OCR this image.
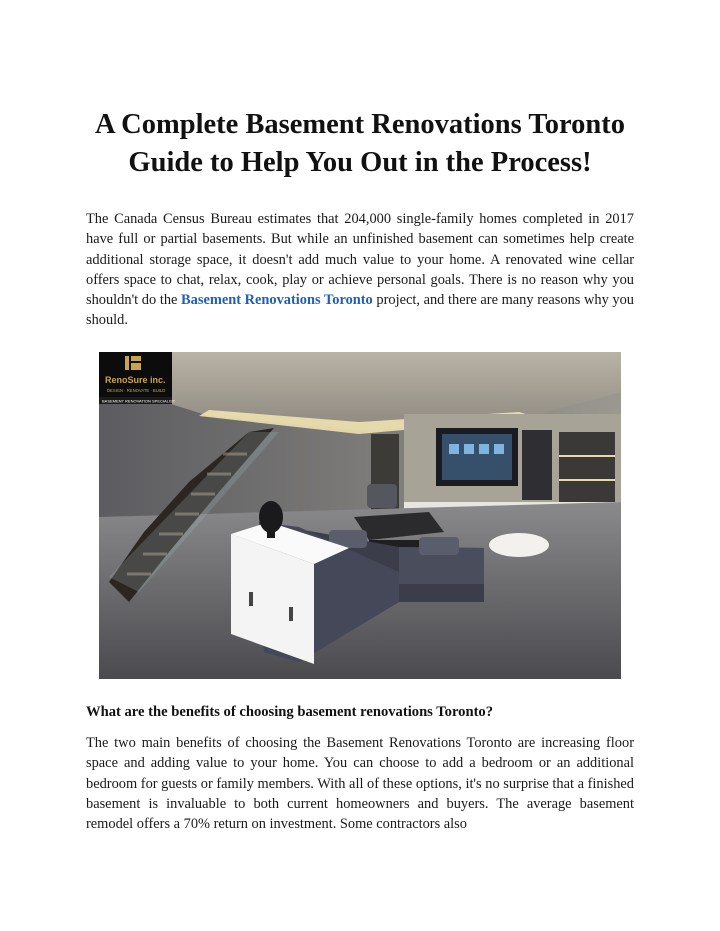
A Complete Basement Renovations Toronto Guide to Help You Out in the Process!

The Canada Census Bureau estimates that 204,000 single-family homes completed in 2017 have full or partial basements. But while an unfinished basement can sometimes help create additional storage space, it doesn't add much value to your home. A renovated wine cellar offers space to chat, relax, cook, play or achieve personal goals. There is no reason why you shouldn't do the Basement Renovations Toronto project, and there are many reasons why you should.

RenoSure inc.
DESIGN · RENOVATE · BUILD
BASEMENT RENOVATION SPECIALIST
What are the benefits of choosing basement renovations Toronto?

The two main benefits of choosing the Basement Renovations Toronto are increasing floor space and adding value to your home. You can choose to add a bedroom or an additional bedroom for guests or family members. With all of these options, it's no surprise that a finished basement is invaluable to both current homeowners and buyers. The average basement remodel offers a 70% return on investment. Some contractors also
